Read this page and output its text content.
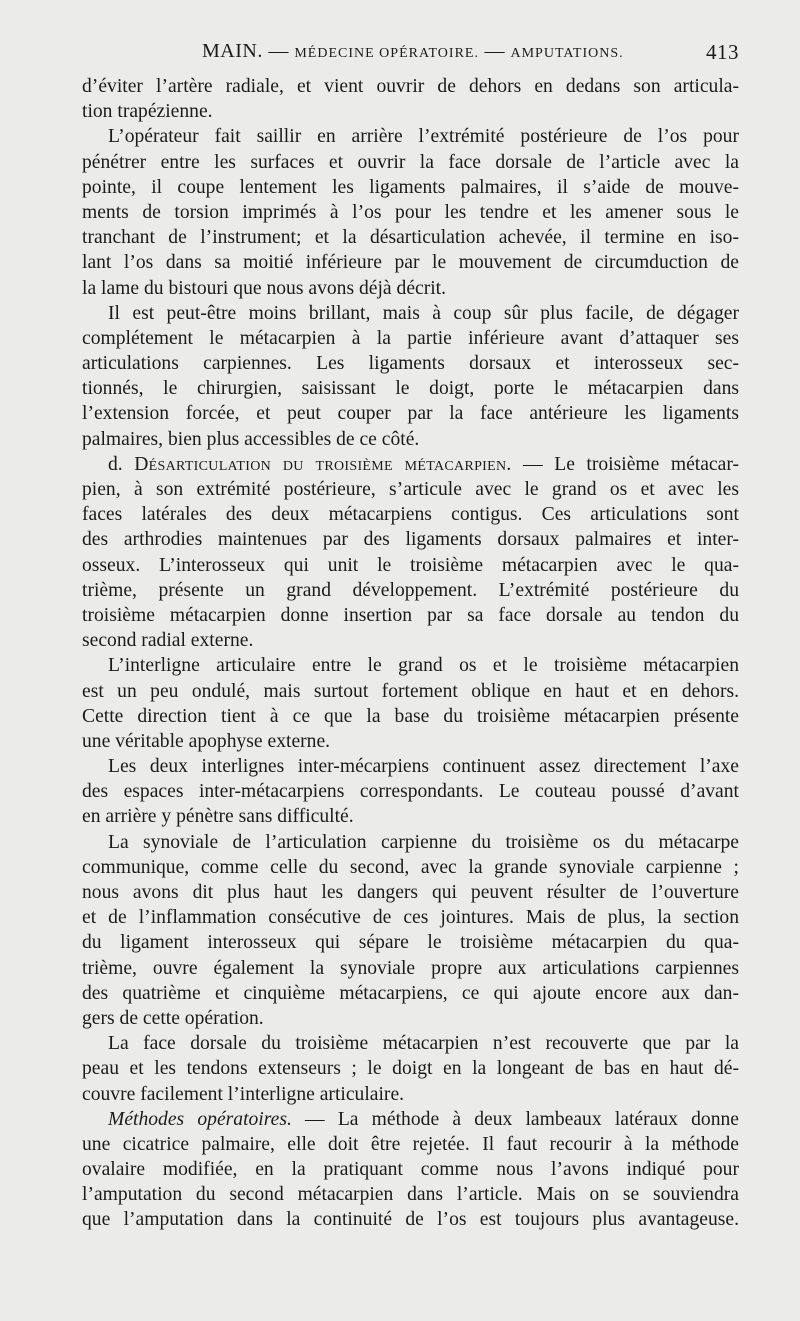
MAIN. — MÉDECINE OPÉRATOIRE. — AMPUTATIONS.	413
d’éviter l’artère radiale, et vient ouvrir de dehors en dedans son articula-
tion trapézienne.
L’opérateur fait saillir en arrière l’extrémité postérieure de l’os pour
pénétrer entre les surfaces et ouvrir la face dorsale de l’article avec la
pointe, il coupe lentement les ligaments palmaires, il s’aide de mouve-
ments de torsion imprimés à l’os pour les tendre et les amener sous le
tranchant de l’instrument; et la désarticulation achevée, il termine en iso-
lant l’os dans sa moitié inférieure par le mouvement de circumduction de
la lame du bistouri que nous avons déjà décrit.
Il est peut-être moins brillant, mais à coup sûr plus facile, de dégager
complétement le métacarpien à la partie inférieure avant d’attaquer ses
articulations carpiennes. Les ligaments dorsaux et interosseux sec-
tionnés, le chirurgien, saisissant le doigt, porte le métacarpien dans
l’extension forcée, et peut couper par la face antérieure les ligaments
palmaires, bien plus accessibles de ce côté.
d. Désarticulation du troisième métacarpien. — Le troisième métacar-
pien, à son extrémité postérieure, s’articule avec le grand os et avec les
faces latérales des deux métacarpiens contigus. Ces articulations sont
des arthrodies maintenues par des ligaments dorsaux palmaires et inter-
osseux. L’interosseux qui unit le troisième métacarpien avec le qua-
trième, présente un grand développement. L’extrémité postérieure du
troisième métacarpien donne insertion par sa face dorsale au tendon du
second radial externe.
L’interligne articulaire entre le grand os et le troisième métacarpien
est un peu ondulé, mais surtout fortement oblique en haut et en dehors.
Cette direction tient à ce que la base du troisième métacarpien présente
une véritable apophyse externe.
Les deux interlignes inter-mécarpiens continuent assez directement l’axe
des espaces inter-métacarpiens correspondants. Le couteau poussé d’avant
en arrière y pénètre sans difficulté.
La synoviale de l’articulation carpienne du troisième os du métacarpe
communique, comme celle du second, avec la grande synoviale carpienne ;
nous avons dit plus haut les dangers qui peuvent résulter de l’ouverture
et de l’inflammation consécutive de ces jointures. Mais de plus, la section
du ligament interosseux qui sépare le troisième métacarpien du qua-
trième, ouvre également la synoviale propre aux articulations carpiennes
des quatrième et cinquième métacarpiens, ce qui ajoute encore aux dan-
gers de cette opération.
La face dorsale du troisième métacarpien n’est recouverte que par la
peau et les tendons extenseurs ; le doigt en la longeant de bas en haut dé-
couvre facilement l’interligne articulaire.
Méthodes opératoires. — La méthode à deux lambeaux latéraux donne
une cicatrice palmaire, elle doit être rejetée. Il faut recourir à la méthode
ovalaire modifiée, en la pratiquant comme nous l’avons indiqué pour
l’amputation du second métacarpien dans l’article. Mais on se souviendra
que l’amputation dans la continuité de l’os est toujours plus avantageuse.
